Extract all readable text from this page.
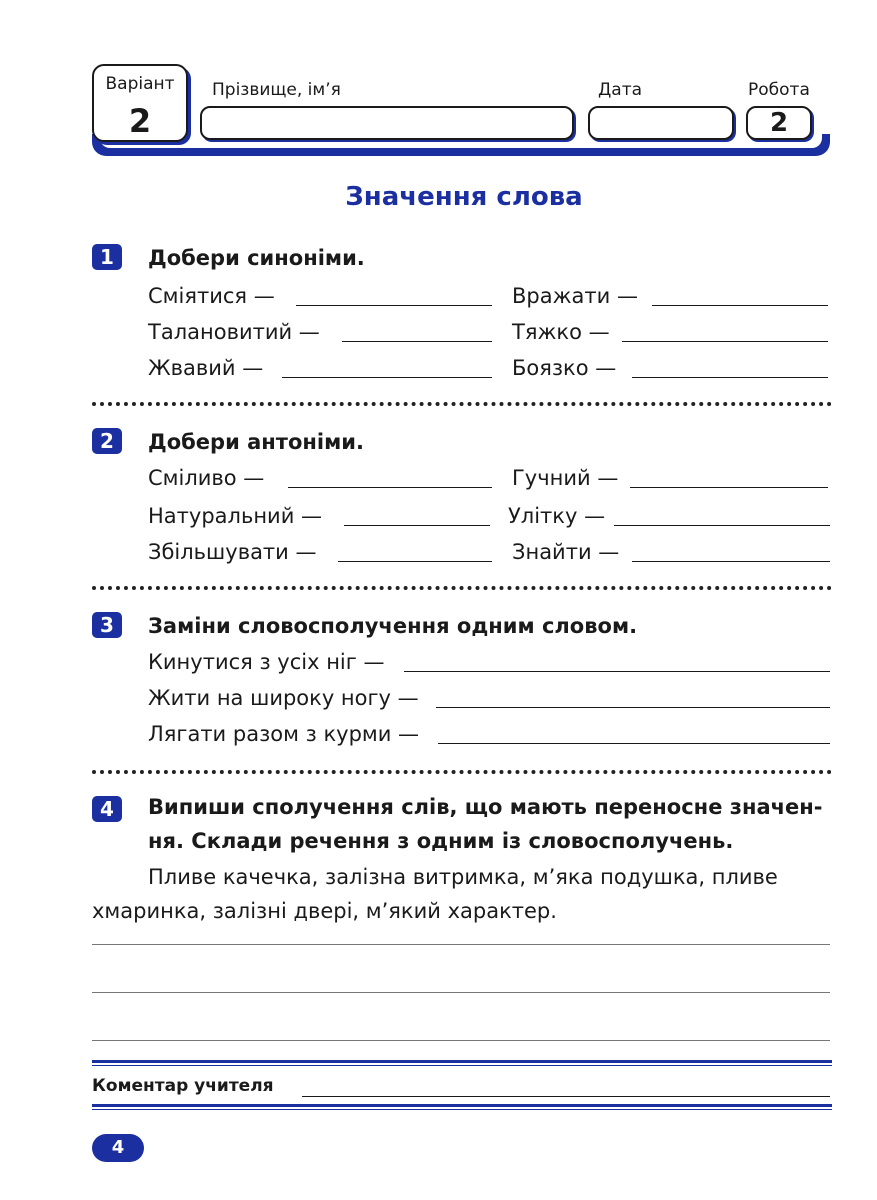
Варіант
2
Прізвище, ім’я	Дата	Робота
2
Значення слова
1	Добери синоніми.
Сміятися —	Вражати —
Талановитий —	Тяжко —
Жвавий —	Боязко —
2	Добери антоніми.
Сміливо —	Гучний —
Натуральний —	Улітку —
Збільшувати —	Знайти —
3	Заміни словосполучення одним словом.
Кинутися з усіх ніг —
Жити на широку ногу —
Лягати разом з курми —
4	Випиши сполучення слів, що мають переносне значен-
ня. Склади речення з одним із словосполучень.
Пливе качечка, залізна витримка, м’яка подушка, пливе
хмаринка, залізні двері, м’який характер.
Коментар учителя
4
